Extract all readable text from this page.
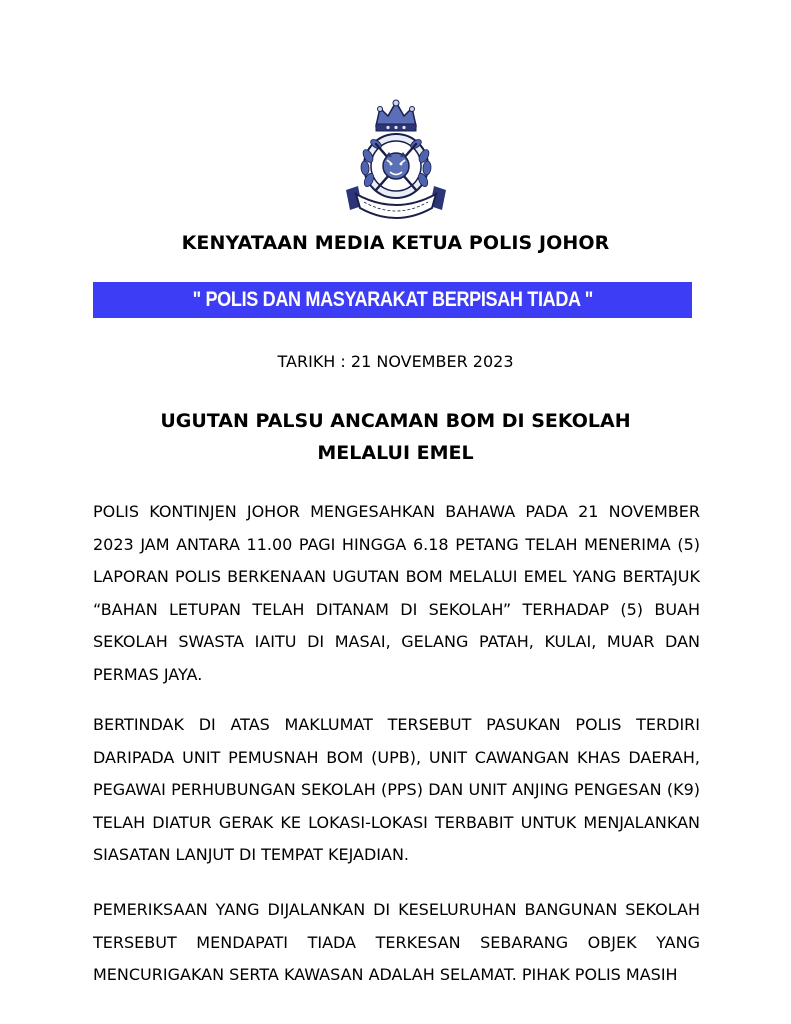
KENYATAAN MEDIA KETUA POLIS JOHOR
" POLIS DAN MASYARAKAT BERPISAH TIADA "
TARIKH : 21 NOVEMBER 2023
UGUTAN PALSU ANCAMAN BOM DI SEKOLAH
MELALUI EMEL
POLIS KONTINJEN JOHOR MENGESAHKAN BAHAWA PADA 21 NOVEMBER 2023 JAM ANTARA 11.00 PAGI HINGGA 6.18 PETANG TELAH MENERIMA (5) LAPORAN POLIS BERKENAAN UGUTAN BOM MELALUI EMEL YANG BERTAJUK “BAHAN LETUPAN TELAH DITANAM DI SEKOLAH” TERHADAP (5) BUAH SEKOLAH SWASTA IAITU DI MASAI, GELANG PATAH, KULAI, MUAR DAN PERMAS JAYA.
BERTINDAK DI ATAS MAKLUMAT TERSEBUT PASUKAN POLIS TERDIRI DARIPADA UNIT PEMUSNAH BOM (UPB), UNIT CAWANGAN KHAS DAERAH, PEGAWAI PERHUBUNGAN SEKOLAH (PPS) DAN UNIT ANJING PENGESAN (K9) TELAH DIATUR GERAK KE LOKASI-LOKASI TERBABIT UNTUK MENJALANKAN SIASATAN LANJUT DI TEMPAT KEJADIAN.
PEMERIKSAAN YANG DIJALANKAN DI KESELURUHAN BANGUNAN SEKOLAH TERSEBUT MENDAPATI TIADA TERKESAN SEBARANG OBJEK YANG MENCURIGAKAN SERTA KAWASAN ADALAH SELAMAT. PIHAK POLIS MASIH
